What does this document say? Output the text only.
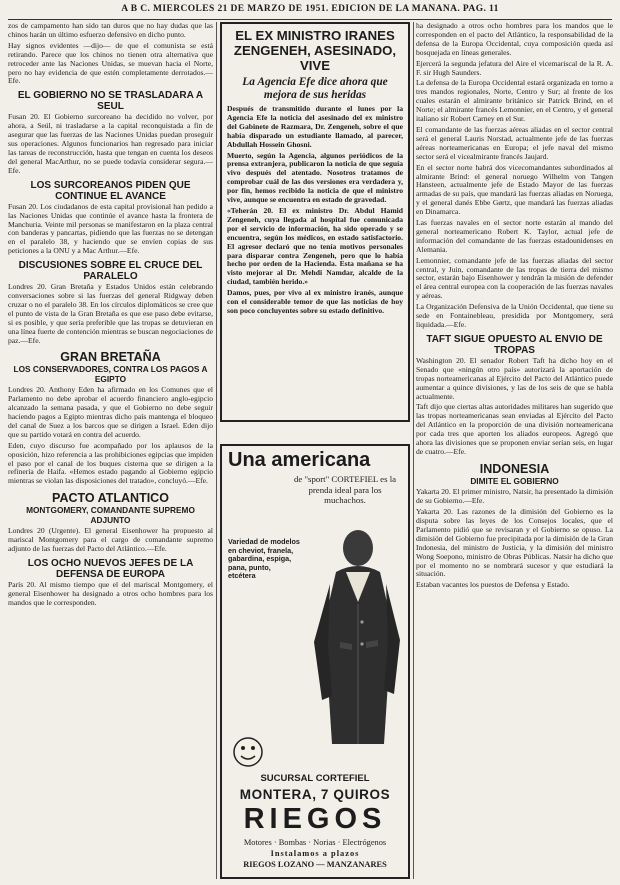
A B C. MIERCOLES 21 DE MARZO DE 1951. EDICION DE LA MAÑANA. PAG. 11

zos de campamento han sido tan duros que no hay dudas que las chinos harán un último esfuerzo defensivo en dicho punto.

Hay signos evidentes —dijo— de que el comunista se está retirando. Parece que los chinos no tienen otra alternativa que retroceder ante las Naciones Unidas, se muevan hacia el Norte, pero no hay evidencia de que estén completamente derrotados.—Efe.

EL GOBIERNO NO SE TRASLADARA A SEUL

Fusan 20. El Gobierno surcoreano ha decidido no volver, por ahora, a Seúl, ni trasladarse a la capital reconquistada a fin de asegurar que las fuerzas de las Naciones Unidas puedan proseguir sus operaciones. Algunos funcionarios han regresado para iniciar las tareas de reconstrucción, hasta que tengan en cuenta los deseos del general MacArthur, no se puede todavía considerar segura.—Efe.

LOS SURCOREANOS PIDEN QUE CONTINUE EL AVANCE

Fusan 20. Los ciudadanos de esta capital provisional han pedido a las Naciones Unidas que continúe el avance hasta la frontera de Manchuria. Veinte mil personas se manifestaron en la plaza central con banderas y pancartas, pidiendo que las fuerzas no se detengan en el paralelo 38, y haciendo que se envíen copias de sus peticiones a la ONU y a Mac Arthur.—Efe.

DISCUSIONES SOBRE EL CRUCE DEL PARALELO

Londres 20. Gran Bretaña y Estados Unidos están celebrando conversaciones sobre si las fuerzas del general Ridgway deben cruzar o no el paralelo 38. En los círculos diplomáticos se cree que el punto de vista de la Gran Bretaña es que ese paso debe evitarse, si es posible, y que sería preferible que las tropas se detuvieran en una línea fuerte de contención mientras se buscan negociaciones de paz.—Efe.

GRAN BRETAÑA
LOS CONSERVADORES, CONTRA LOS PAGOS A EGIPTO

Londres 20. Anthony Eden ha afirmado en los Comunes que el Parlamento no debe aprobar el acuerdo financiero anglo-egipcio alcanzado la semana pasada, y que el Gobierno no debe seguir haciendo pagos a Egipto mientras dicho país mantenga el bloqueo del canal de Suez a los barcos que se dirigen a Israel. Eden dijo que su partido votará en contra del acuerdo.

Eden, cuyo discurso fue acompañado por los aplausos de la oposición, hizo referencia a las prohibiciones egipcias que impiden el paso por el canal de los buques cisterna que se dirigen a la refinería de Haifa. «Hemos estado pagando al Gobierno egipcio mientras se violan las disposiciones del tratado», concluyó.—Efe.

PACTO ATLANTICO
MONTGOMERY, COMANDANTE SUPREMO ADJUNTO

Londres 20 (Urgente). El general Eisenhower ha propuesto al mariscal Montgomery para el cargo de comandante supremo adjunto de las fuerzas del Pacto del Atlántico.—Efe.

LOS OCHO NUEVOS JEFES DE LA DEFENSA DE EUROPA

París 20. Al mismo tiempo que el del mariscal Montgomery, el general Eisenhower ha designado a otros ocho hombres para los mandos que le corresponden.

EL EX MINISTRO IRANES ZENGENEH, ASESINADO, VIVE
La Agencia Efe dice ahora que mejora de sus heridas

Después de transmitido durante el lunes por la Agencia Efe la noticia del asesinado del ex ministro del Gabinete de Razmara, Dr. Zengeneh, sobre el que había disparado un estudiante llamado, al parecer, Abdullah Hossein Ghosni.

Muerto, según la Agencia, algunos periódicos de la prensa extranjera, publicaron la noticia de que seguía vivo después del atentado. Nosotros tratamos de comprobar cuál de las dos versiones era verdadera y, por fin, hemos recibido la noticia de que el ministro vive, aunque se encuentra en estado de gravedad.

«Teherán 20. El ex ministro Dr. Abdul Hamid Zengeneh, cuya llegada al hospital fue comunicada por el servicio de información, ha sido operado y se encuentra, según los médicos, en estado satisfactorio. El agresor declaró que no tenía motivos personales para disparar contra Zengeneh, pero que lo había hecho por orden de la Hacienda. Esta mañana se ha visto mejorar al Dr. Mehdi Namdar, alcalde de la ciudad, también herido.»

Damos, pues, por vivo al ex ministro iranés, aunque con el considerable temor de que las noticias de hoy son poco concluyentes sobre su estado definitivo.

Una americana
de "sport" CORTEFIEL es la prenda ideal para los muchachos.
Variedad de modelos en cheviot, franela, gabardina, espiga, pana, punto, etcétera
SUCURSAL CORTEFIEL
MONTERA, 7 QUIROS
RIEGOS
Motores · Bombas · Norias · Electrógenos
Instalamos a plazos
RIEGOS LOZANO — MANZANARES

ha designado a otros ocho hombres para los mandos que le corresponden en el pacto del Atlántico, la responsabilidad de la defensa de la Europa Occidental, cuya composición queda así bosquejada en líneas generales.

Ejercerá la segunda jefatura del Aire el vicemariscal de la R. A. F. sir Hugh Saunders.

La defensa de la Europa Occidental estará organizada en torno a tres mandos regionales, Norte, Centro y Sur; al frente de los cuales estarán el almirante británico sir Patrick Brind, en el Norte; el almirante francés Lemonnier, en el Centro, y el general italiano sir Robert Carney en el Sur.

El comandante de las fuerzas aéreas aliadas en el sector central será el general Lauris Norstad, actualmente jefe de las fuerzas aéreas norteamericanas en Europa; el jefe naval del mismo sector será el vicealmirante francés Jaujard.

En el sector norte habrá dos vicecomandantes subordinados al almirante Brind: el general noruego Wilhelm von Tangen Hansteen, actualmente jefe de Estado Mayor de las fuerzas armadas de su país, que mandará las fuerzas aliadas en Noruega, y el general danés Ebbe Gørtz, que mandará las fuerzas aliadas en Dinamarca.

Las fuerzas navales en el sector norte estarán al mando del general norteamericano Robert K. Taylor, actual jefe de información del comandante de las fuerzas estadounidenses en Alemania.

Lemonnier, comandante jefe de las fuerzas aliadas del sector central, y Juin, comandante de las tropas de tierra del mismo sector, estarán bajo Eisenhower y tendrán la misión de defender el área central europea con la cooperación de las fuerzas navales y aéreas.

La Organización Defensiva de la Unión Occidental, que tiene su sede en Fontainebleau, presidida por Montgomery, será liquidada.—Efe.

TAFT SIGUE OPUESTO AL ENVIO DE TROPAS

Washington 20. El senador Robert Taft ha dicho hoy en el Senado que «ningún otro país» autorizará la aportación de tropas norteamericanas al Ejército del Pacto del Atlántico puede aumentar a quince divisiones, y las de los seis de que se habla actualmente.

Taft dijo que ciertas altas autoridades militares han sugerido que las tropas norteamericanas sean enviadas al Ejército del Pacto del Atlántico en la proporción de una división norteamericana por cada tres que aporten los aliados europeos. Agregó que ahora las divisiones que se proponen enviar serían seis, en lugar de cuatro.—Efe.

INDONESIA
DIMITE EL GOBIERNO

Yakarta 20. El primer ministro, Natsir, ha presentado la dimisión de su Gobierno.—Efe.

Yakarta 20. Las razones de la dimisión del Gobierno es la disputa sobre las leyes de los Consejos locales, que el Parlamento pidió que se revisaran y el Gobierno se opuso. La dimisión del Gobierno fue precipitada por la dimisión de la Gran Indonesia, del ministro de Justicia, y la dimisión del ministro Wong Soepono, ministro de Obras Públicas. Natsir ha dicho que por el momento no se nombrará sucesor y que estudiará la situación.

Estaban vacantes los puestos de Defensa y Estado.
